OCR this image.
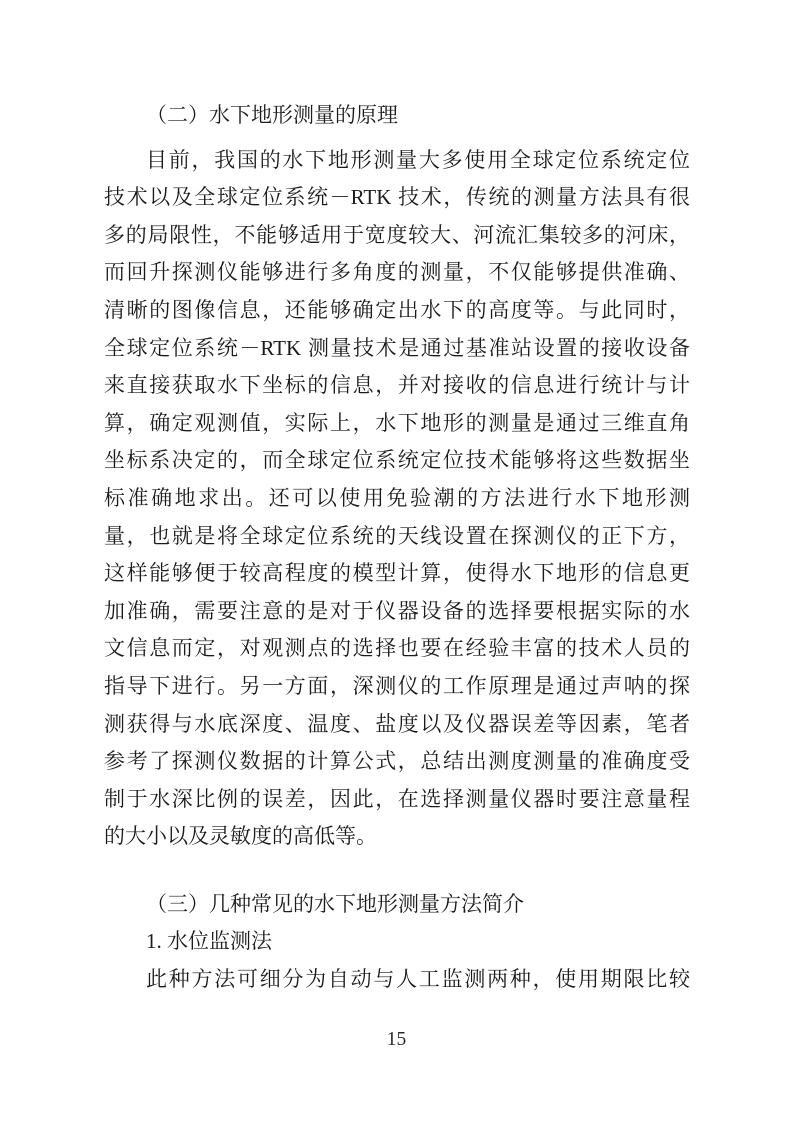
（二）水下地形测量的原理
目前，我国的水下地形测量大多使用全球定位系统定位
技术以及全球定位系统－RTK 技术，传统的测量方法具有很
多的局限性，不能够适用于宽度较大、河流汇集较多的河床，
而回升探测仪能够进行多角度的测量，不仅能够提供准确、
清晰的图像信息，还能够确定出水下的高度等。与此同时，
全球定位系统－RTK 测量技术是通过基准站设置的接收设备
来直接获取水下坐标的信息，并对接收的信息进行统计与计
算，确定观测值，实际上，水下地形的测量是通过三维直角
坐标系决定的，而全球定位系统定位技术能够将这些数据坐
标准确地求出。还可以使用免验潮的方法进行水下地形测
量，也就是将全球定位系统的天线设置在探测仪的正下方，
这样能够便于较高程度的模型计算，使得水下地形的信息更
加准确，需要注意的是对于仪器设备的选择要根据实际的水
文信息而定，对观测点的选择也要在经验丰富的技术人员的
指导下进行。另一方面，深测仪的工作原理是通过声呐的探
测获得与水底深度、温度、盐度以及仪器误差等因素，笔者
参考了探测仪数据的计算公式，总结出测度测量的准确度受
制于水深比例的误差，因此，在选择测量仪器时要注意量程
的大小以及灵敏度的高低等。
（三）几种常见的水下地形测量方法简介
1. 水位监测法
此种方法可细分为自动与人工监测两种，使用期限比较
15
